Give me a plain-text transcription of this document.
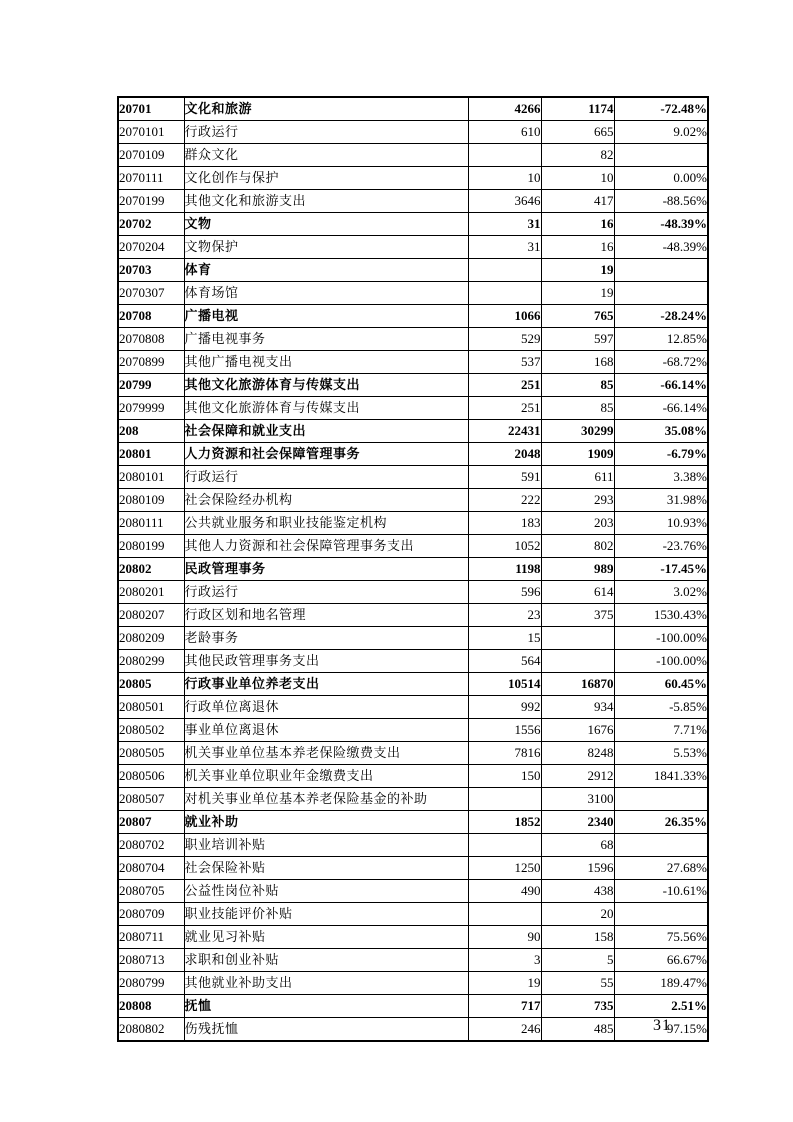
20701	文化和旅游	4266	1174	-72.48%
2070101	行政运行	610	665	9.02%
2070109	群众文化		82	
2070111	文化创作与保护	10	10	0.00%
2070199	其他文化和旅游支出	3646	417	-88.56%
20702	文物	31	16	-48.39%
2070204	文物保护	31	16	-48.39%
20703	体育		19	
2070307	体育场馆		19	
20708	广播电视	1066	765	-28.24%
2070808	广播电视事务	529	597	12.85%
2070899	其他广播电视支出	537	168	-68.72%
20799	其他文化旅游体育与传媒支出	251	85	-66.14%
2079999	其他文化旅游体育与传媒支出	251	85	-66.14%
208	社会保障和就业支出	22431	30299	35.08%
20801	人力资源和社会保障管理事务	2048	1909	-6.79%
2080101	行政运行	591	611	3.38%
2080109	社会保险经办机构	222	293	31.98%
2080111	公共就业服务和职业技能鉴定机构	183	203	10.93%
2080199	其他人力资源和社会保障管理事务支出	1052	802	-23.76%
20802	民政管理事务	1198	989	-17.45%
2080201	行政运行	596	614	3.02%
2080207	行政区划和地名管理	23	375	1530.43%
2080209	老龄事务	15		-100.00%
2080299	其他民政管理事务支出	564		-100.00%
20805	行政事业单位养老支出	10514	16870	60.45%
2080501	行政单位离退休	992	934	-5.85%
2080502	事业单位离退休	1556	1676	7.71%
2080505	机关事业单位基本养老保险缴费支出	7816	8248	5.53%
2080506	机关事业单位职业年金缴费支出	150	2912	1841.33%
2080507	对机关事业单位基本养老保险基金的补助		3100	
20807	就业补助	1852	2340	26.35%
2080702	职业培训补贴		68	
2080704	社会保险补贴	1250	1596	27.68%
2080705	公益性岗位补贴	490	438	-10.61%
2080709	职业技能评价补贴		20	
2080711	就业见习补贴	90	158	75.56%
2080713	求职和创业补贴	3	5	66.67%
2080799	其他就业补助支出	19	55	189.47%
20808	抚恤	717	735	2.51%
2080802	伤残抚恤	246	485	97.15%
31
